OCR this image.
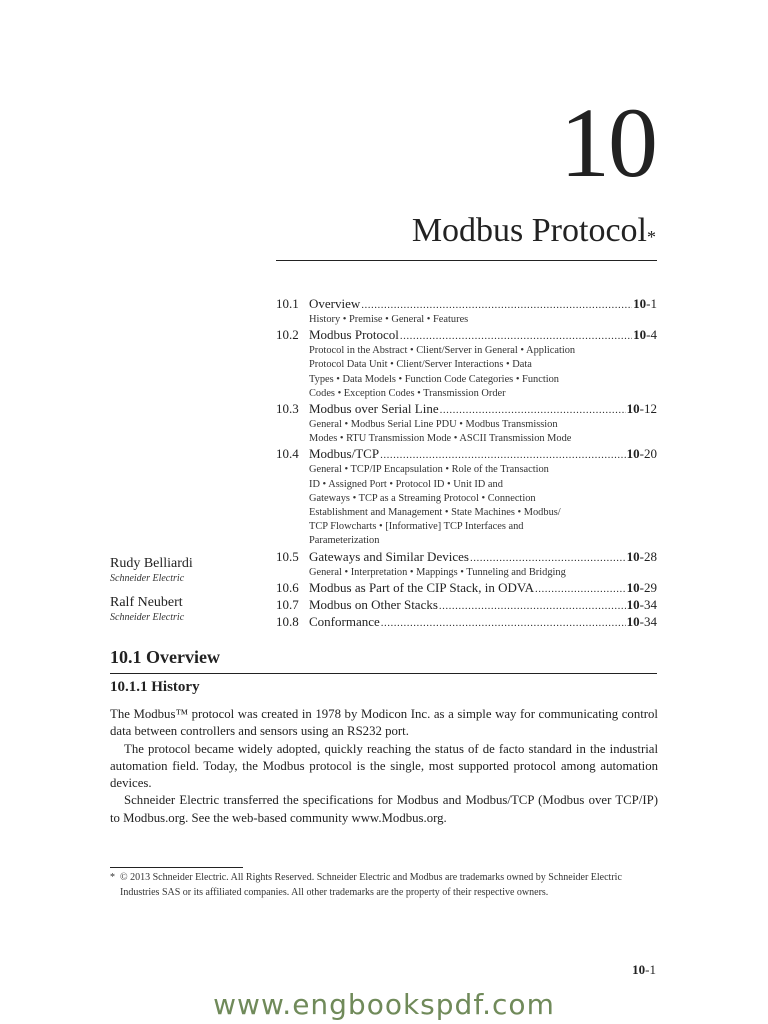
10
Modbus Protocol*
10.1 Overview .....	10-1
History • Premise • General • Features
10.2 Modbus Protocol .....	10-4
Protocol in the Abstract • Client/Server in General • Application
Protocol Data Unit • Client/Server Interactions • Data
Types • Data Models • Function Code Categories • Function
Codes • Exception Codes • Transmission Order
10.3 Modbus over Serial Line .....	10-12
General • Modbus Serial Line PDU • Modbus Transmission
Modes • RTU Transmission Mode • ASCII Transmission Mode
10.4 Modbus/TCP .....	10-20
General • TCP/IP Encapsulation • Role of the Transaction
ID • Assigned Port • Protocol ID • Unit ID and
Gateways • TCP as a Streaming Protocol • Connection
Establishment and Management • State Machines • Modbus/
TCP Flowcharts • [Informative] TCP Interfaces and
Parameterization
10.5 Gateways and Similar Devices .....	10-28
General • Interpretation • Mappings • Tunneling and Bridging
10.6 Modbus as Part of the CIP Stack, in ODVA .....	10-29
10.7 Modbus on Other Stacks .....	10-34
10.8 Conformance .....	10-34
Rudy Belliardi
Schneider Electric
Ralf Neubert
Schneider Electric
10.1 Overview
10.1.1 History

The Modbus™ protocol was created in 1978 by Modicon Inc. as a simple way for communicating control data between controllers and sensors using an RS232 port.

The protocol became widely adopted, quickly reaching the status of de facto standard in the industrial automation field. Today, the Modbus protocol is the single, most supported protocol among automation devices.

Schneider Electric transferred the specifications for Modbus and Modbus/TCP (Modbus over TCP/IP) to Modbus.org. See the web-based community www.Modbus.org.

* © 2013 Schneider Electric. All Rights Reserved. Schneider Electric and Modbus are trademarks owned by Schneider Electric Industries SAS or its affiliated companies. All other trademarks are the property of their respective owners.
10-1
www.engbookspdf.com
